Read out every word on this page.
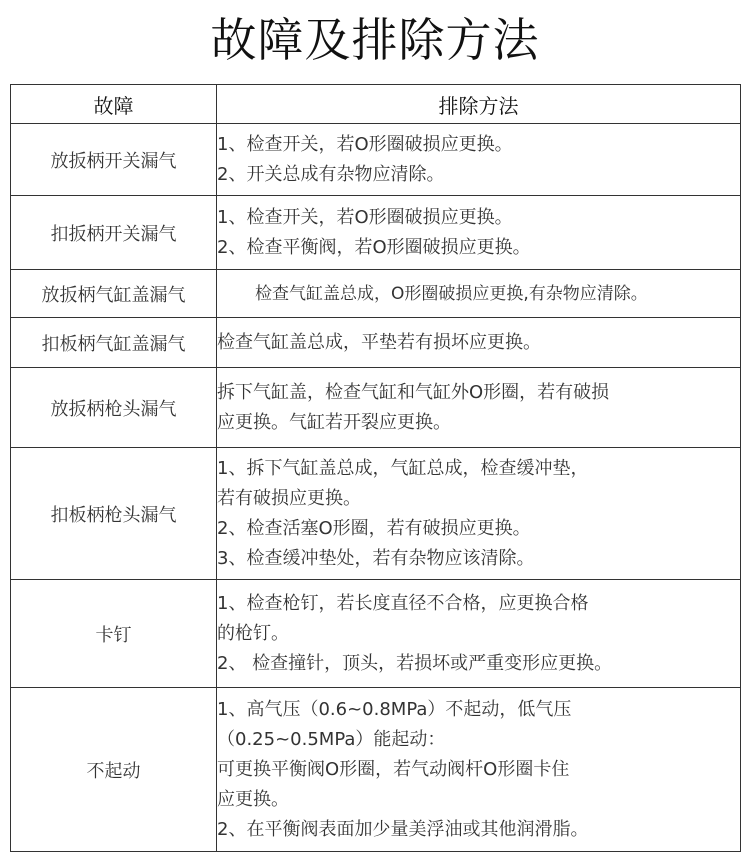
故障及排除方法
故障	排除方法
放扳柄开关漏气	1、检查开关，若O形圈破损应更换。
2、开关总成有杂物应清除。

扣扳柄开关漏气	1、检查开关，若O形圈破损应更换。
2、检查平衡阀，若O形圈破损应更换。

放扳柄气缸盖漏气	检查气缸盖总成，O形圈破损应更换,有杂物应清除。

扣板柄气缸盖漏气	检查气缸盖总成，平垫若有损坏应更换。

放扳柄枪头漏气	拆下气缸盖，检查气缸和气缸外O形圈，若有破损
应更换。气缸若开裂应更换。

扣板柄枪头漏气	1、拆下气缸盖总成，气缸总成，检查缓冲垫，
若有破损应更换。
2、检查活塞O形圈，若有破损应更换。
3、检查缓冲垫处，若有杂物应该清除。

卡钉	1、检查枪钉，若长度直径不合格，应更换合格
的枪钉。
2、 检查撞针，顶头，若损坏或严重变形应更换。

不起动	1、高气压（0.6~0.8MPa）不起动，低气压
（0.25~0.5MPa）能起动：
可更换平衡阀O形圈，若气动阀杆O形圈卡住
应更换。
2、在平衡阀表面加少量美浮油或其他润滑脂。
